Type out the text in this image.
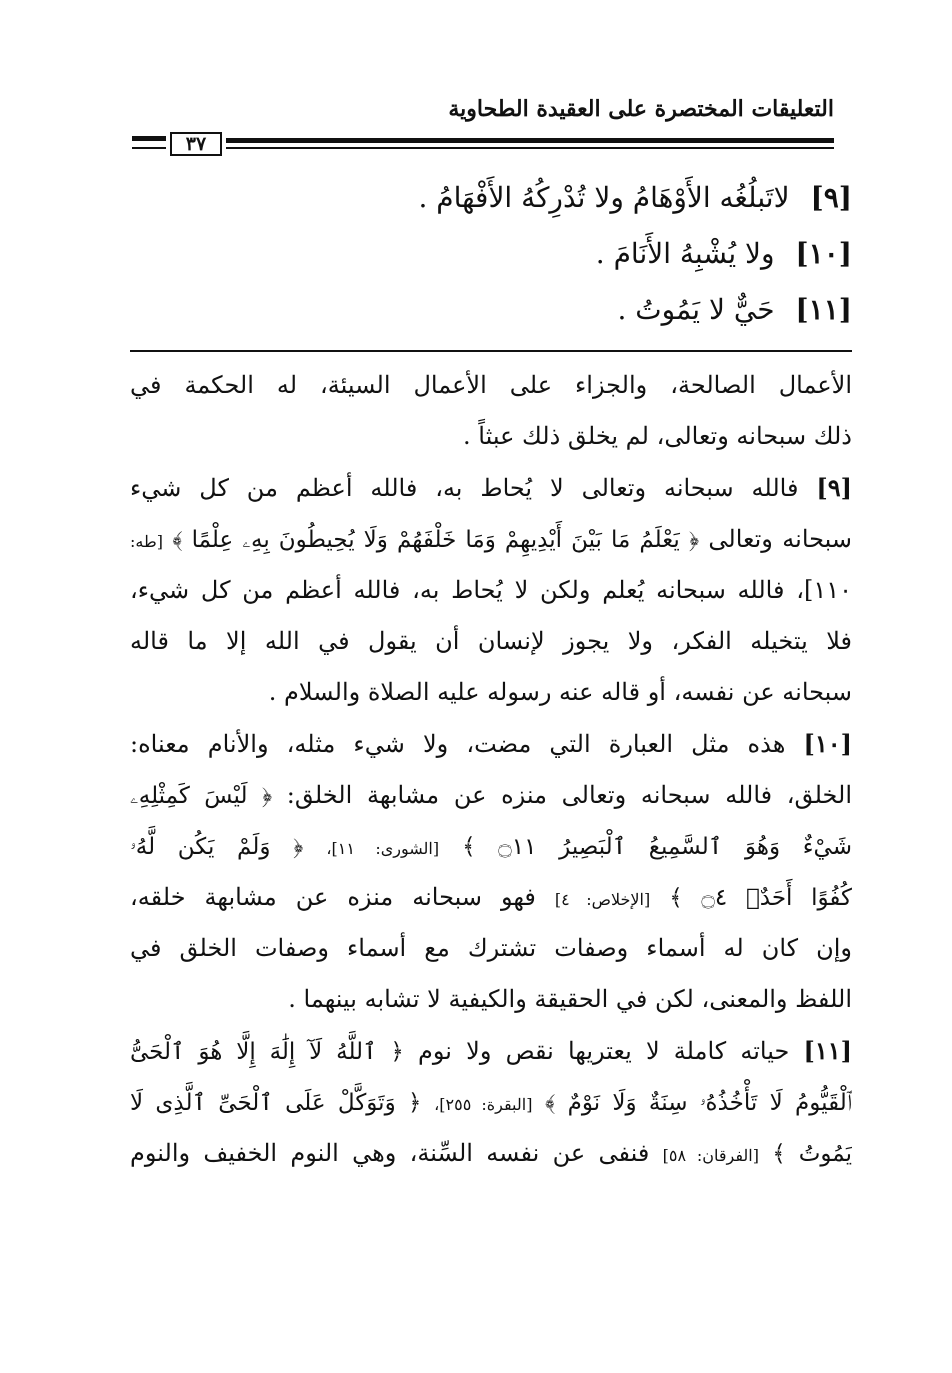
التعليقات المختصرة على العقيدة الطحاوية
٣٧
[٩] لاتَبلُغُه الأَوْهَامُ ولا تُدْرِكُهُ الأَفْهَامُ .
[١٠] ولا يُشْبِهُ الأَنَامَ .
[١١] حَيٌّ لا يَمُوتُ .
الأعمال الصالحة، والجزاء على الأعمال السيئة، له الحكمة في
ذلك سبحانه وتعالى، لم يخلق ذلك عبثاً .
[٩] فالله سبحانه وتعالى لا يُحاط به، فالله أعظم من كل شيء
سبحانه وتعالى ﴿ يَعْلَمُ مَا بَيْنَ أَيْدِيهِمْ وَمَا خَلْفَهُمْ وَلَا يُحِيطُونَ بِهِۦ عِلْمًا ﴾ [طه:
١١٠]، فالله سبحانه يُعلم ولكن لا يُحاط به، فالله أعظم من كل شيء،
فلا يتخيله الفكر، ولا يجوز لإنسان أن يقول في الله إلا ما قاله
سبحانه عن نفسه، أو قاله عنه رسوله عليه الصلاة والسلام .
[١٠] هذه مثل العبارة التي مضت، ولا شيء مثله، والأنام معناه:
الخلق، فالله سبحانه وتعالى منزه عن مشابهة الخلق: ﴿ لَيْسَ كَمِثْلِهِۦ
شَيْءٌ وَهُوَ ٱلسَّمِيعُ ٱلْبَصِيرُ ۝١١ ﴾ [الشورى: ١١]، ﴿ وَلَمْ يَكُن لَّهُۥ
كُفُوًا أَحَدٌۢ ۝٤ ﴾ [الإخلاص: ٤] فهو سبحانه منزه عن مشابهة خلقه،
وإن كان له أسماء وصفات تشترك مع أسماء وصفات الخلق في
اللفظ والمعنى، لكن في الحقيقة والكيفية لا تشابه بينهما .
[١١] حياته كاملة لا يعتريها نقص ولا نوم ﴿ ٱللَّهُ لَآ إِلَٰهَ إِلَّا هُوَ ٱلْحَىُّ
ٱلْقَيُّومُ لَا تَأْخُذُهُۥ سِنَةٌ وَلَا نَوْمٌ ﴾ [البقرة: ٢٥٥]، ﴿ وَتَوَكَّلْ عَلَى ٱلْحَىِّ ٱلَّذِى لَا
يَمُوتُ ﴾ [الفرقان: ٥٨] فنفى عن نفسه السِّنة، وهي النوم الخفيف والنوم
